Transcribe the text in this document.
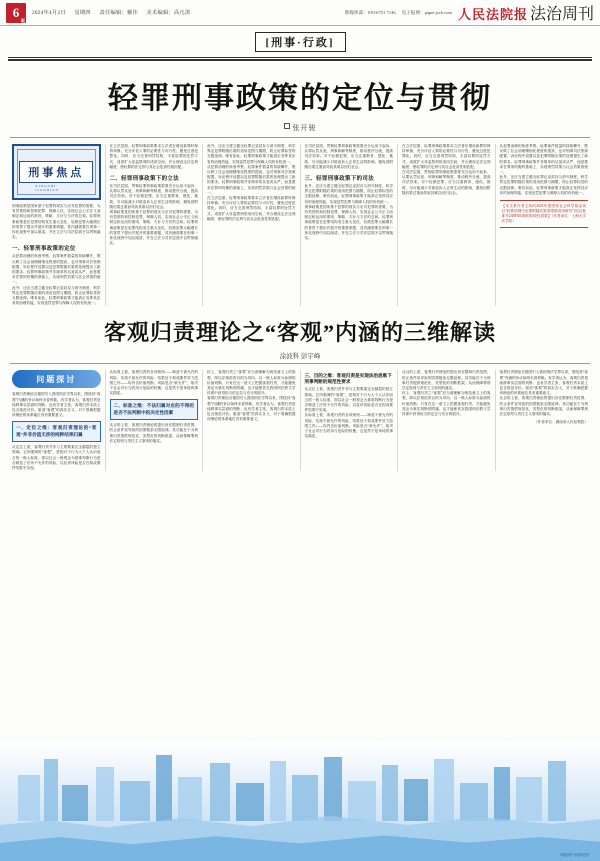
6
版
2024年4月2日 星期四 责任编辑：戴佳 美术编辑：高凡淇	新媒体部：010-6751 7146 电子报网：paper.jcrb.com 人民法院报 法治周刊
[刑事·行政]
轻罪刑事政策的定位与贯彻
张开骏
刑事焦点
XINGSHI JIAODIAN
刑事政策是国家基于犯罪的现实与应对犯罪的需要，为有效预防和控制犯罪、保障人权、实现社会公平正义而制定和运用的准则、策略、方针与方法的总和。轻罪刑事政策是在犯罪结构发生重大变化、轻微犯罪大幅增长的背景下提出并展开的重要命题，其内涵需要在刑事一体化视野中加以厘清，并在立法与司法层面予以贯彻落实。
一、轻罪刑事政策的定位
从犯罪治理的角度考察，轻罪案件数量的持续攀升，既反映了社会治理精细化程度的提高，也对刑事司法资源配置、诉讼程序设置以及犯罪附随后果的处理提出了新的要求。轻罪刑事政策并非简单的从宽或从严，而是要求在罪刑均衡的基础上，实现刑罚效果与社会效果的统一。
此外，还应当建立健全轻罪记录封存与消灭制度，科学界定犯罪附随后果的适用范围与期限，防止轻罪标签的无限延伸。唯有如此，轻罪刑事政策才能真正发挥其应有的治理效能，实现惩罚犯罪与保障人权的有机统一。
在立法层面，轻罪刑事政策要求立法者在增设新罪时保持审慎，充分评估入罪的必要性与可行性，避免过度犯罪化。同时，应当完善刑罚结构，丰富轻罪的处罚方式，适度扩大非监禁刑的适用空间，并合理设定法定刑幅度，使轻罪的法定刑与其社会危害性相匹配。
二、轻罪刑事政策下的立法
在司法层面，贯彻轻罪刑事政策需要充分运用不起诉、认罪认罚从宽、刑事和解等制度，推动程序分流，提高司法效率。对于轻微犯罪，应当注重教育、感化、挽救，尽可能减少对被追诉人正常生活的影响，避免因附随后果过重而导致其难以回归社会。
刑事政策是国家基于犯罪的现实与应对犯罪的需要，为有效预防和控制犯罪、保障人权、实现社会公平正义而制定和运用的准则、策略、方针与方法的总和。轻罪刑事政策是在犯罪结构发生重大变化、轻微犯罪大幅增长的背景下提出并展开的重要命题，其内涵需要在刑事一体化视野中加以厘清，并在立法与司法层面予以贯彻落实。
此外，还应当建立健全轻罪记录封存与消灭制度，科学界定犯罪附随后果的适用范围与期限，防止轻罪标签的无限延伸。唯有如此，轻罪刑事政策才能真正发挥其应有的治理效能，实现惩罚犯罪与保障人权的有机统一。
从犯罪治理的角度考察，轻罪案件数量的持续攀升，既反映了社会治理精细化程度的提高，也对刑事司法资源配置、诉讼程序设置以及犯罪附随后果的处理提出了新的要求。轻罪刑事政策并非简单的从宽或从严，而是要求在罪刑均衡的基础上，实现刑罚效果与社会效果的统一。
在立法层面，轻罪刑事政策要求立法者在增设新罪时保持审慎，充分评估入罪的必要性与可行性，避免过度犯罪化。同时，应当完善刑罚结构，丰富轻罪的处罚方式，适度扩大非监禁刑的适用空间，并合理设定法定刑幅度，使轻罪的法定刑与其社会危害性相匹配。
在司法层面，贯彻轻罪刑事政策需要充分运用不起诉、认罪认罚从宽、刑事和解等制度，推动程序分流，提高司法效率。对于轻微犯罪，应当注重教育、感化、挽救，尽可能减少对被追诉人正常生活的影响，避免因附随后果过重而导致其难以回归社会。
三、轻罪刑事政策下的司法
此外，还应当建立健全轻罪记录封存与消灭制度，科学界定犯罪附随后果的适用范围与期限，防止轻罪标签的无限延伸。唯有如此，轻罪刑事政策才能真正发挥其应有的治理效能，实现惩罚犯罪与保障人权的有机统一。
刑事政策是国家基于犯罪的现实与应对犯罪的需要，为有效预防和控制犯罪、保障人权、实现社会公平正义而制定和运用的准则、策略、方针与方法的总和。轻罪刑事政策是在犯罪结构发生重大变化、轻微犯罪大幅增长的背景下提出并展开的重要命题，其内涵需要在刑事一体化视野中加以厘清，并在立法与司法层面予以贯彻落实。
在立法层面，轻罪刑事政策要求立法者在增设新罪时保持审慎，充分评估入罪的必要性与可行性，避免过度犯罪化。同时，应当完善刑罚结构，丰富轻罪的处罚方式，适度扩大非监禁刑的适用空间，并合理设定法定刑幅度，使轻罪的法定刑与其社会危害性相匹配。
在司法层面，贯彻轻罪刑事政策需要充分运用不起诉、认罪认罚从宽、刑事和解等制度，推动程序分流，提高司法效率。对于轻微犯罪，应当注重教育、感化、挽救，尽可能减少对被追诉人正常生活的影响，避免因附随后果过重而导致其难以回归社会。
从犯罪治理的角度考察，轻罪案件数量的持续攀升，既反映了社会治理精细化程度的提高，也对刑事司法资源配置、诉讼程序设置以及犯罪附随后果的处理提出了新的要求。轻罪刑事政策并非简单的从宽或从严，而是要求在罪刑均衡的基础上，实现刑罚效果与社会效果的统一。
此外，还应当建立健全轻罪记录封存与消灭制度，科学界定犯罪附随后果的适用范围与期限，防止轻罪标签的无限延伸。唯有如此，轻罪刑事政策才能真正发挥其应有的治理效能，实现惩罚犯罪与保障人权的有机统一。
【本文系作者主持的2023年度国家社会科学基金项目“轻罪治理中犯罪附随后果的限制适用研究”(项目批准号23BFX048)的阶段性成果】（作者单位：上海大学法学院）
客观归责理论之“客观”内涵的三维解读
涂波科 彭宇峰
问题探讨
客观归责理论自德国引入我国刑法学界以来，围绕其“客观”内涵的争议始终未曾停歇。有学者认为，客观归责是纯粹事实层面的判断；也有学者主张，客观归责本质上包含规范评价。厘清“客观”的真实含义，对于准确把握该理论的体系地位具有重要意义。
一、定位之维：客观归责理论的“客观”并非价值无涉的纯粹结果归属
从定位上看，客观归责并非与主观要素完全割裂的独立领域。它所强调的“客观”，是相对于行为人个人认识而言的一般人标准，即以社会一般观念为基准判断行为是否制造了法所不允许的风险，以及该风险是否在构成要件结果中实现。
从标准上看，客观归责的各项规则——制造不被允许的风险、实现不被允许的风险、结果处于构成要件效力范围之内——均内含价值判断。风险是否“被允许”，取决于社会对行为效用与危险的权衡，这显然不是单纯的事实描述。
二、标准之维：不法归属对应的不得的是否不法判断中的决定性因素
从目的上看，客观归责理论的提出旨在限制归责范围，防止条件说导致的因果链条无限延伸。其功能在于为刑事归责提供规范化、类型化的判断框架，从而保障罪刑法定原则与责任主义原则的落实。
综上，客观归责之“客观”应当被理解为规范意义上的客观，即以法规范的目的为导向、以一般人标准为参照的价值判断。只有在这一意义上把握客观归责，才能避免其沦为事实判断的附庸，也才能使其在我国刑法教义学体系中获得恰当的定位与充分的展开。
客观归责理论自德国引入我国刑法学界以来，围绕其“客观”内涵的争议始终未曾停歇。有学者认为，客观归责是纯粹事实层面的判断；也有学者主张，客观归责本质上包含规范评价。厘清“客观”的真实含义，对于准确把握该理论的体系地位具有重要意义。
三、目的之维：客观归责是实现法治思维下刑事判断的规范性要求
从定位上看，客观归责并非与主观要素完全割裂的独立领域。它所强调的“客观”，是相对于行为人个人认识而言的一般人标准，即以社会一般观念为基准判断行为是否制造了法所不允许的风险，以及该风险是否在构成要件结果中实现。
从标准上看，客观归责的各项规则——制造不被允许的风险、实现不被允许的风险、结果处于构成要件效力范围之内——均内含价值判断。风险是否“被允许”，取决于社会对行为效用与危险的权衡，这显然不是单纯的事实描述。
从目的上看，客观归责理论的提出旨在限制归责范围，防止条件说导致的因果链条无限延伸。其功能在于为刑事归责提供规范化、类型化的判断框架，从而保障罪刑法定原则与责任主义原则的落实。
综上，客观归责之“客观”应当被理解为规范意义上的客观，即以法规范的目的为导向、以一般人标准为参照的价值判断。只有在这一意义上把握客观归责，才能避免其沦为事实判断的附庸，也才能使其在我国刑法教义学体系中获得恰当的定位与充分的展开。
客观归责理论自德国引入我国刑法学界以来，围绕其“客观”内涵的争议始终未曾停歇。有学者认为，客观归责是纯粹事实层面的判断；也有学者主张，客观归责本质上包含规范评价。厘清“客观”的真实含义，对于准确把握该理论的体系地位具有重要意义。
从目的上看，客观归责理论的提出旨在限制归责范围，防止条件说导致的因果链条无限延伸。其功能在于为刑事归责提供规范化、类型化的判断框架，从而保障罪刑法定原则与责任主义原则的落实。
（作者单位：湖南省人民检察院）
本版图片为资料图片
